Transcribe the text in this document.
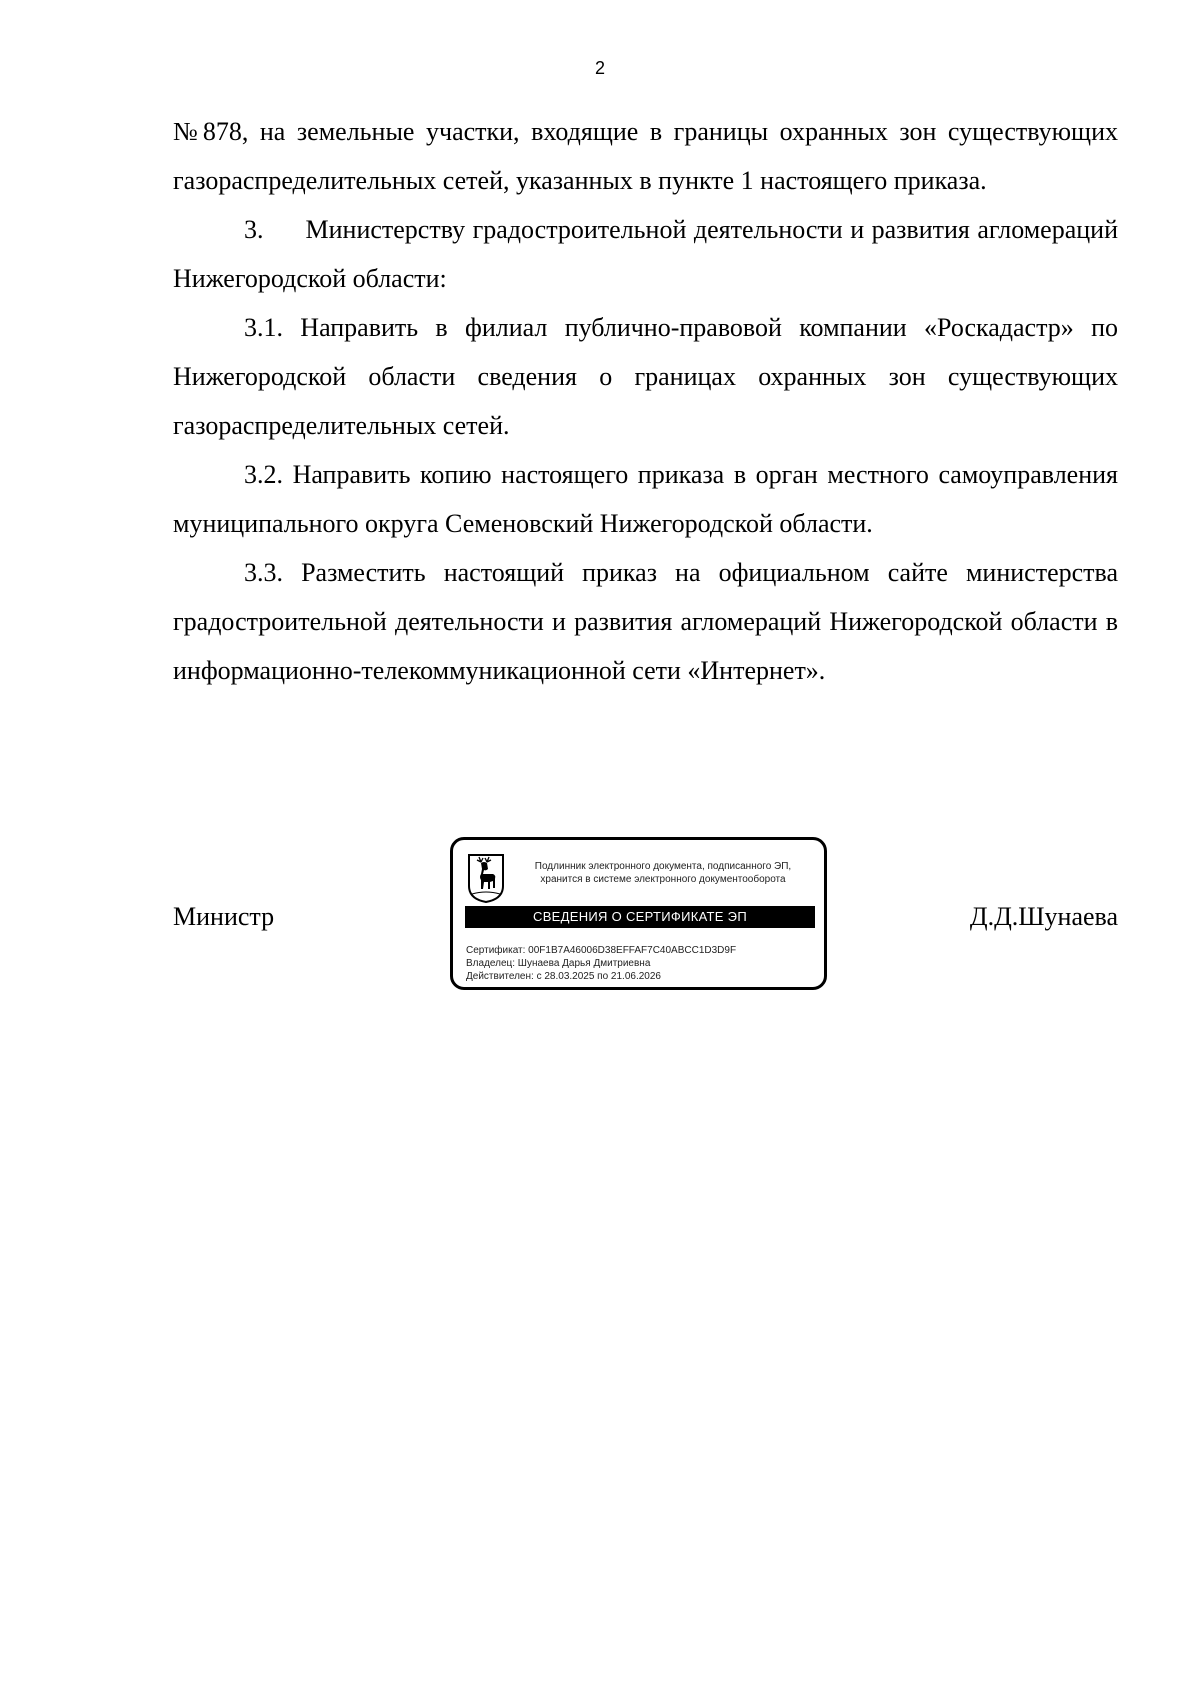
2

№878, на земельные участки, входящие в границы охранных зон существующих газораспределительных сетей, указанных в пункте 1 настоящего приказа.

3. Министерству градостроительной деятельности и развития агломераций Нижегородской области:

3.1. Направить в филиал публично-правовой компании «Роскадастр» по Нижегородской области сведения о границах охранных зон существующих газораспределительных сетей.

3.2. Направить копию настоящего приказа в орган местного самоуправления муниципального округа Семеновский Нижегородской области.

3.3. Разместить настоящий приказ на официальном сайте министерства градостроительной деятельности и развития агломераций Нижегородской области в информационно-телекоммуникационной сети «Интернет».

Министр
Подлинник электронного документа, подписанного ЭП,
хранится в системе электронного документооборота
СВЕДЕНИЯ О СЕРТИФИКАТЕ ЭП
Сертификат: 00F1B7A46006D38EFFAF7C40ABCC1D3D9F
Владелец: Шунаева Дарья Дмитриевна
Действителен: с 28.03.2025 по 21.06.2026
Д.Д.Шунаева
